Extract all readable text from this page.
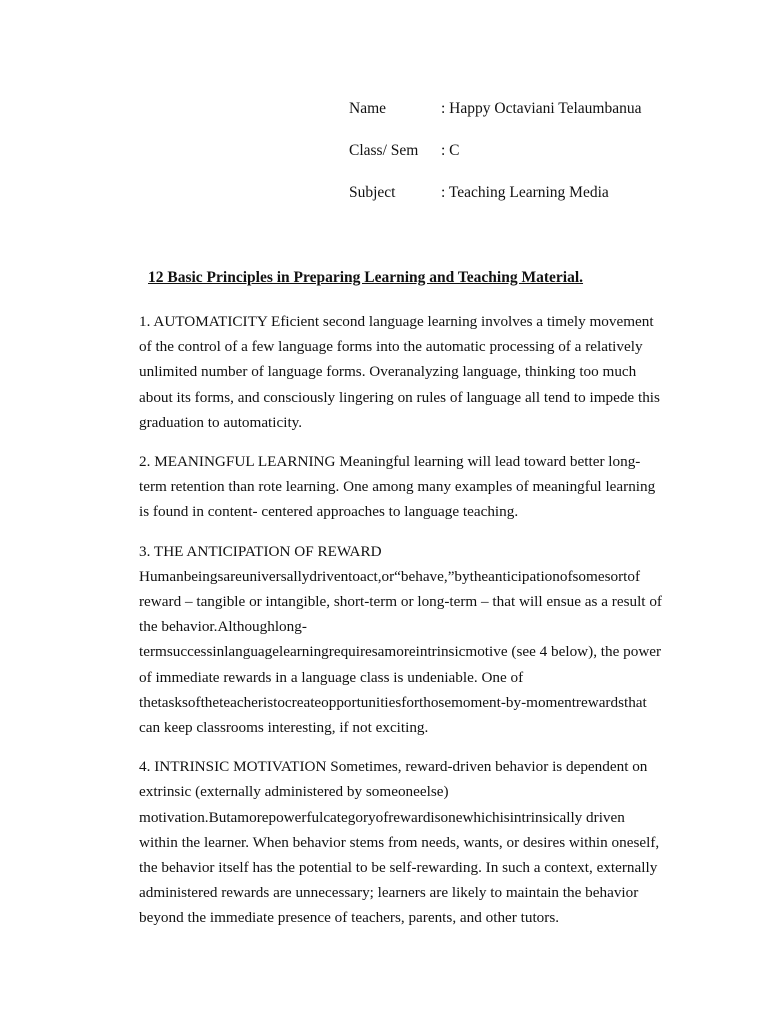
Name	: Happy Octaviani Telaumbanua
Class/ Sem	: C
Subject	: Teaching Learning Media
12 Basic Principles in Preparing Learning and Teaching Material.
1. AUTOMATICITY Eficient second language learning involves a timely movement
of the control of a few language forms into the automatic processing of a relatively
unlimited number of language forms. Overanalyzing language, thinking too much
about its forms, and consciously lingering on rules of language all tend to impede this
graduation to automaticity.
2. MEANINGFUL LEARNING Meaningful learning will lead toward better long-
term retention than rote learning. One among many examples of meaningful learning
is found in content- centered approaches to language teaching.
3. THE ANTICIPATION OF REWARD
Humanbeingsareuniversallydriventoact,or“behave,”bytheanticipationofsomesortof
reward – tangible or intangible, short-term or long-term – that will ensue as a result of
the behavior.Althoughlong-
termsuccessinlanguagelearningrequiresamoreintrinsicmotive (see 4 below), the power
of immediate rewards in a language class is undeniable. One of
thetasksoftheteacheristocreateopportunitiesforthosemoment-by-momentrewardsthat
can keep classrooms interesting, if not exciting.
4. INTRINSIC MOTIVATION Sometimes, reward-driven behavior is dependent on
extrinsic (externally administered by someoneelse)
motivation.Butamorepowerfulcategoryofrewardisonewhichisintrinsically driven
within the learner. When behavior stems from needs, wants, or desires within oneself,
the behavior itself has the potential to be self-rewarding. In such a context, externally
administered rewards are unnecessary; learners are likely to maintain the behavior
beyond the immediate presence of teachers, parents, and other tutors.
